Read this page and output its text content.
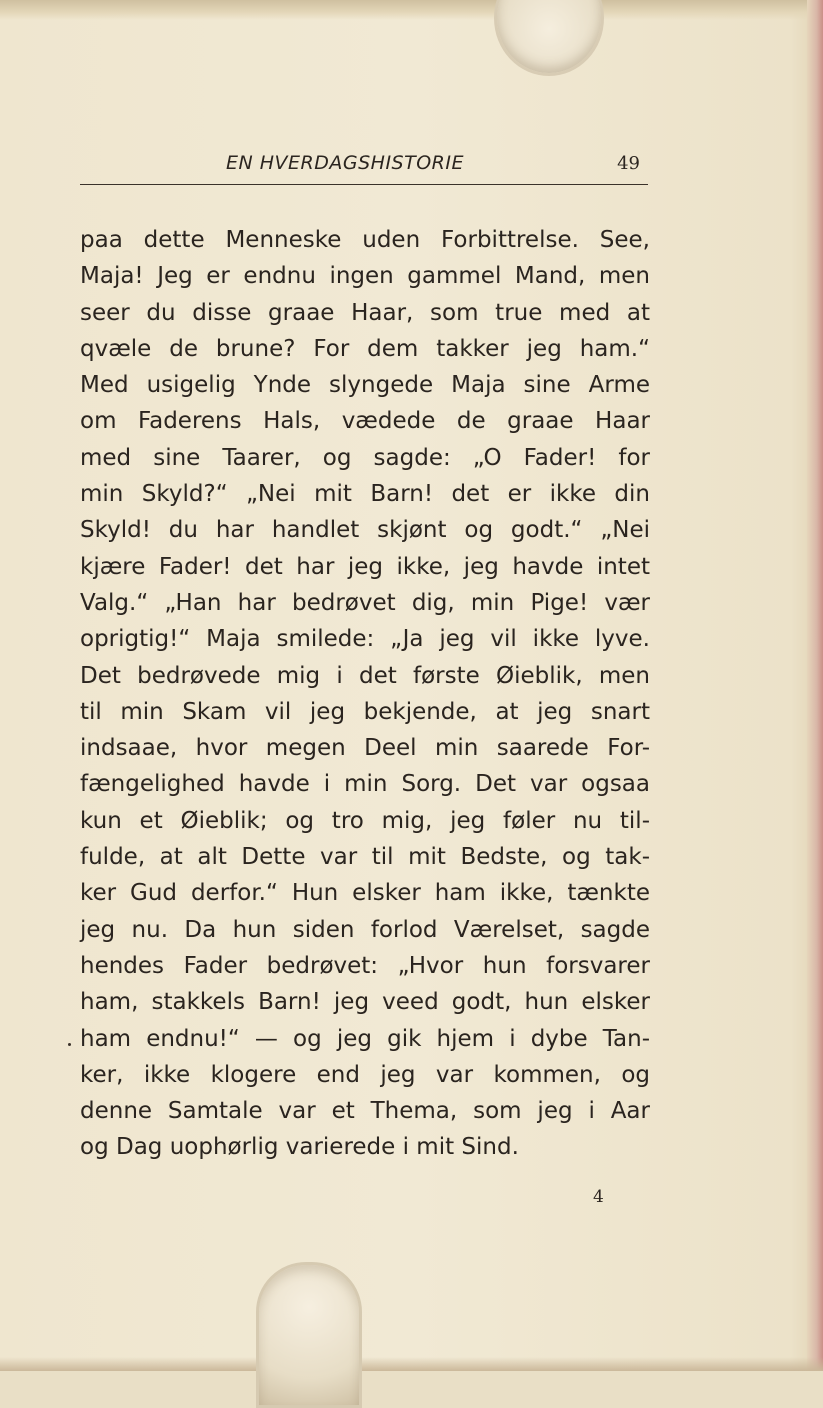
EN HVERDAGSHISTORIE	49
paa dette Menneske uden Forbittrelse. See,
Maja! Jeg er endnu ingen gammel Mand, men
seer du disse graae Haar, som true med at
qvæle de brune? For dem takker jeg ham.“
Med usigelig Ynde slyngede Maja sine Arme
om Faderens Hals, vædede de graae Haar
med sine Taarer, og sagde: „O Fader! for
min Skyld?“ „Nei mit Barn! det er ikke din
Skyld! du har handlet skjønt og godt.“ „Nei
kjære Fader! det har jeg ikke, jeg havde intet
Valg.“ „Han har bedrøvet dig, min Pige! vær
oprigtig!“ Maja smilede: „Ja jeg vil ikke lyve.
Det bedrøvede mig i det første Øieblik, men
til min Skam vil jeg bekjende, at jeg snart
indsaae, hvor megen Deel min saarede For-
fængelighed havde i min Sorg. Det var ogsaa
kun et Øieblik; og tro mig, jeg føler nu til-
fulde, at alt Dette var til mit Bedste, og tak-
ker Gud derfor.“ Hun elsker ham ikke, tænkte
jeg nu. Da hun siden forlod Værelset, sagde
hendes Fader bedrøvet: „Hvor hun forsvarer
ham, stakkels Barn! jeg veed godt, hun elsker
ham endnu!“ — og jeg gik hjem i dybe Tan-
ker, ikke klogere end jeg var kommen, og
denne Samtale var et Thema, som jeg i Aar
og Dag uophørlig varierede i mit Sind.
4
